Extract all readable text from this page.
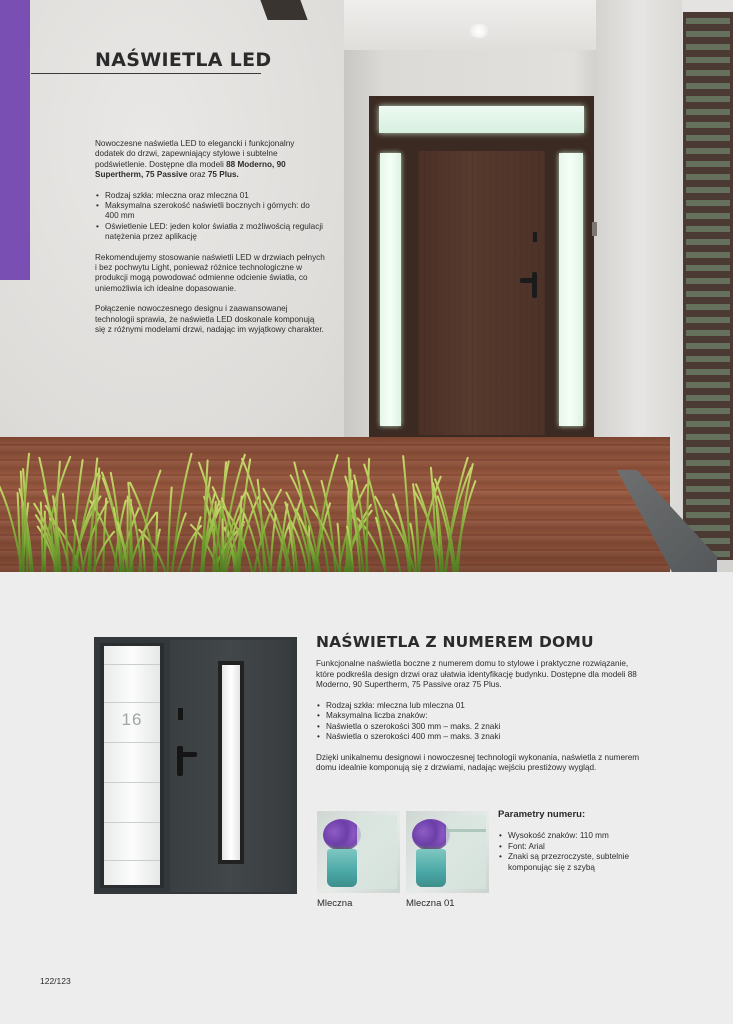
NAŚWIETLA LED

Nowoczesne naświetla LED to elegancki i funkcjonalny dodatek do drzwi, zapewniający stylowe i subtelne podświetlenie. Dostępne dla modeli 88 Moderno, 90 Supertherm, 75 Passive oraz 75 Plus.

• Rodzaj szkła: mleczna oraz mleczna 01
• Maksymalna szerokość naświetli bocznych i górnych: do 400 mm
• Oświetlenie LED: jeden kolor światła z możliwością regulacji natężenia przez aplikację

Rekomendujemy stosowanie naświetli LED w drzwiach pełnych i bez pochwytu Light, ponieważ różnice technologiczne w produkcji mogą powodować odmienne odcienie światła, co uniemożliwia ich idealne dopasowanie.

Połączenie nowoczesnego designu i zaawansowanej technologii sprawia, że naświetla LED doskonale komponują się z różnymi modelami drzwi, nadając im wyjątkowy charakter.

16
NAŚWIETLA Z NUMEREM DOMU

Funkcjonalne naświetla boczne z numerem domu to stylowe i praktyczne rozwiązanie, które podkreśla design drzwi oraz ułatwia identyfikację budynku. Dostępne dla modeli 88 Moderno, 90 Supertherm, 75 Passive oraz 75 Plus.

• Rodzaj szkła: mleczna lub mleczna 01
• Maksymalna liczba znaków:
• Naświetla o szerokości 300 mm – maks. 2 znaki
• Naświetla o szerokości 400 mm – maks. 3 znaki

Dzięki unikalnemu designowi i nowoczesnej technologii wykonania, naświetla z numerem domu idealnie komponują się z drzwiami, nadając wejściu prestiżowy wygląd.

Mleczna	Mleczna 01
Parametry numeru:
• Wysokość znaków: 110 mm
• Font: Arial
• Znaki są przezroczyste, subtelnie komponując się z szybą
122/123
